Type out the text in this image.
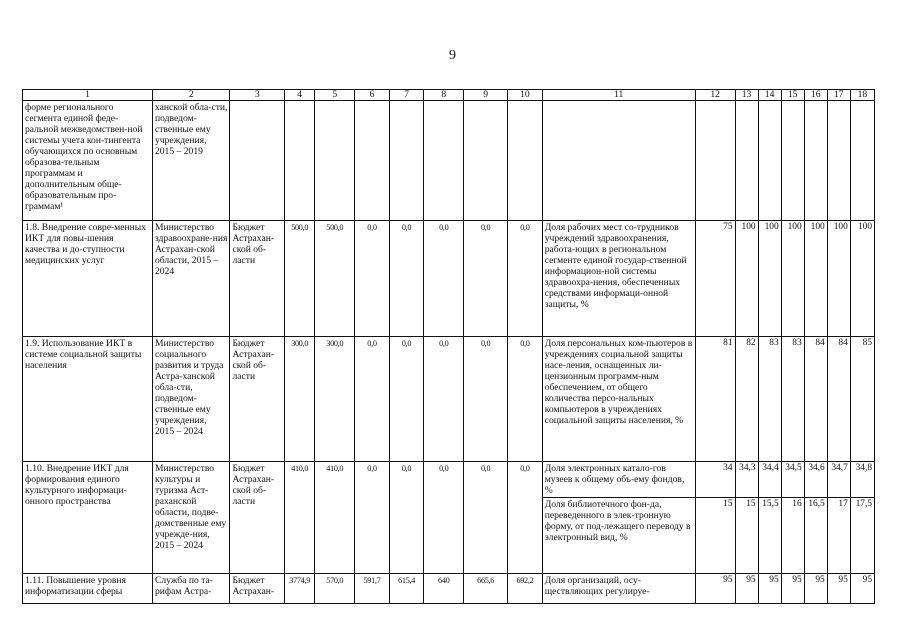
9
1	2	3	4	5	6	7	8	9	10	11	12	13	14	15	16	17	18
форме регионального сегмента единой феде-ральной межведомствен-ной системы учета кон-тингента обучающихся по основным образова-тельным программам и дополнительным обще-образовательным про-граммам¹	ханской обла-сти, подведом-ственные ему учреждения, 2015 – 2019																
1.8. Внедрение совре-менных ИКТ для повы-шения качества и до-ступности медицинских услуг	Министерство здравоохране-ния Астрахан-ской области, 2015 – 2024	Бюджет Астрахан-ской об-ласти	500,0	500,0	0,0	0,0	0,0	0,0	0,0	Доля рабочих мест со-трудников учреждений здравоохранения, работа-ющих в региональном сегменте единой государ-ственной информацион-ной системы здравоохра-нения, обеспеченных средствами информаци-онной защиты, %	75	100	100	100	100	100	100
1.9. Использование ИКТ в системе социальной защиты населения	Министерство социального развития и труда Астра-ханской обла-сти, подведом-ственные ему учреждения, 2015 – 2024	Бюджет Астрахан-ской об-ласти	300,0	300,0	0,0	0,0	0,0	0,0	0,0	Доля персональных ком-пьютеров в учреждениях социальной защиты насе-ления, оснащенных ли-цензионным программ-ным обеспечением, от общего количества персо-нальных компьютеров в учреждениях социальной защиты населения, %	81	82	83	83	84	84	85
1.10. Внедрение ИКТ для формирования единого культурного информаци-онного пространства	Министерство культуры и туризма Аст-раханской области, подве-домственные ему учрежде-ния, 2015 – 2024	Бюджет Астрахан-ской об-ласти	410,0	410,0	0,0	0,0	0,0	0,0	0,0	Доля электронных катало-гов музеев к общему объ-ему фондов, %	34	34,3	34,4	34,5	34,6	34,7	34,8
										Доля библиотечного фон-да, переведенного в элек-тронную форму, от под-лежащего переводу в электронный вид, %	15	15	15,5	16	16,5	17	17,5
1.11. Повышение уровня информатизации сферы	Служба по та-рифам Астра-	Бюджет Астрахан-	3774,9	570,0	591,7	615,4	640	665,6	692,2	Доля организаций, осу-ществляющих регулируе-	95	95	95	95	95	95	95
